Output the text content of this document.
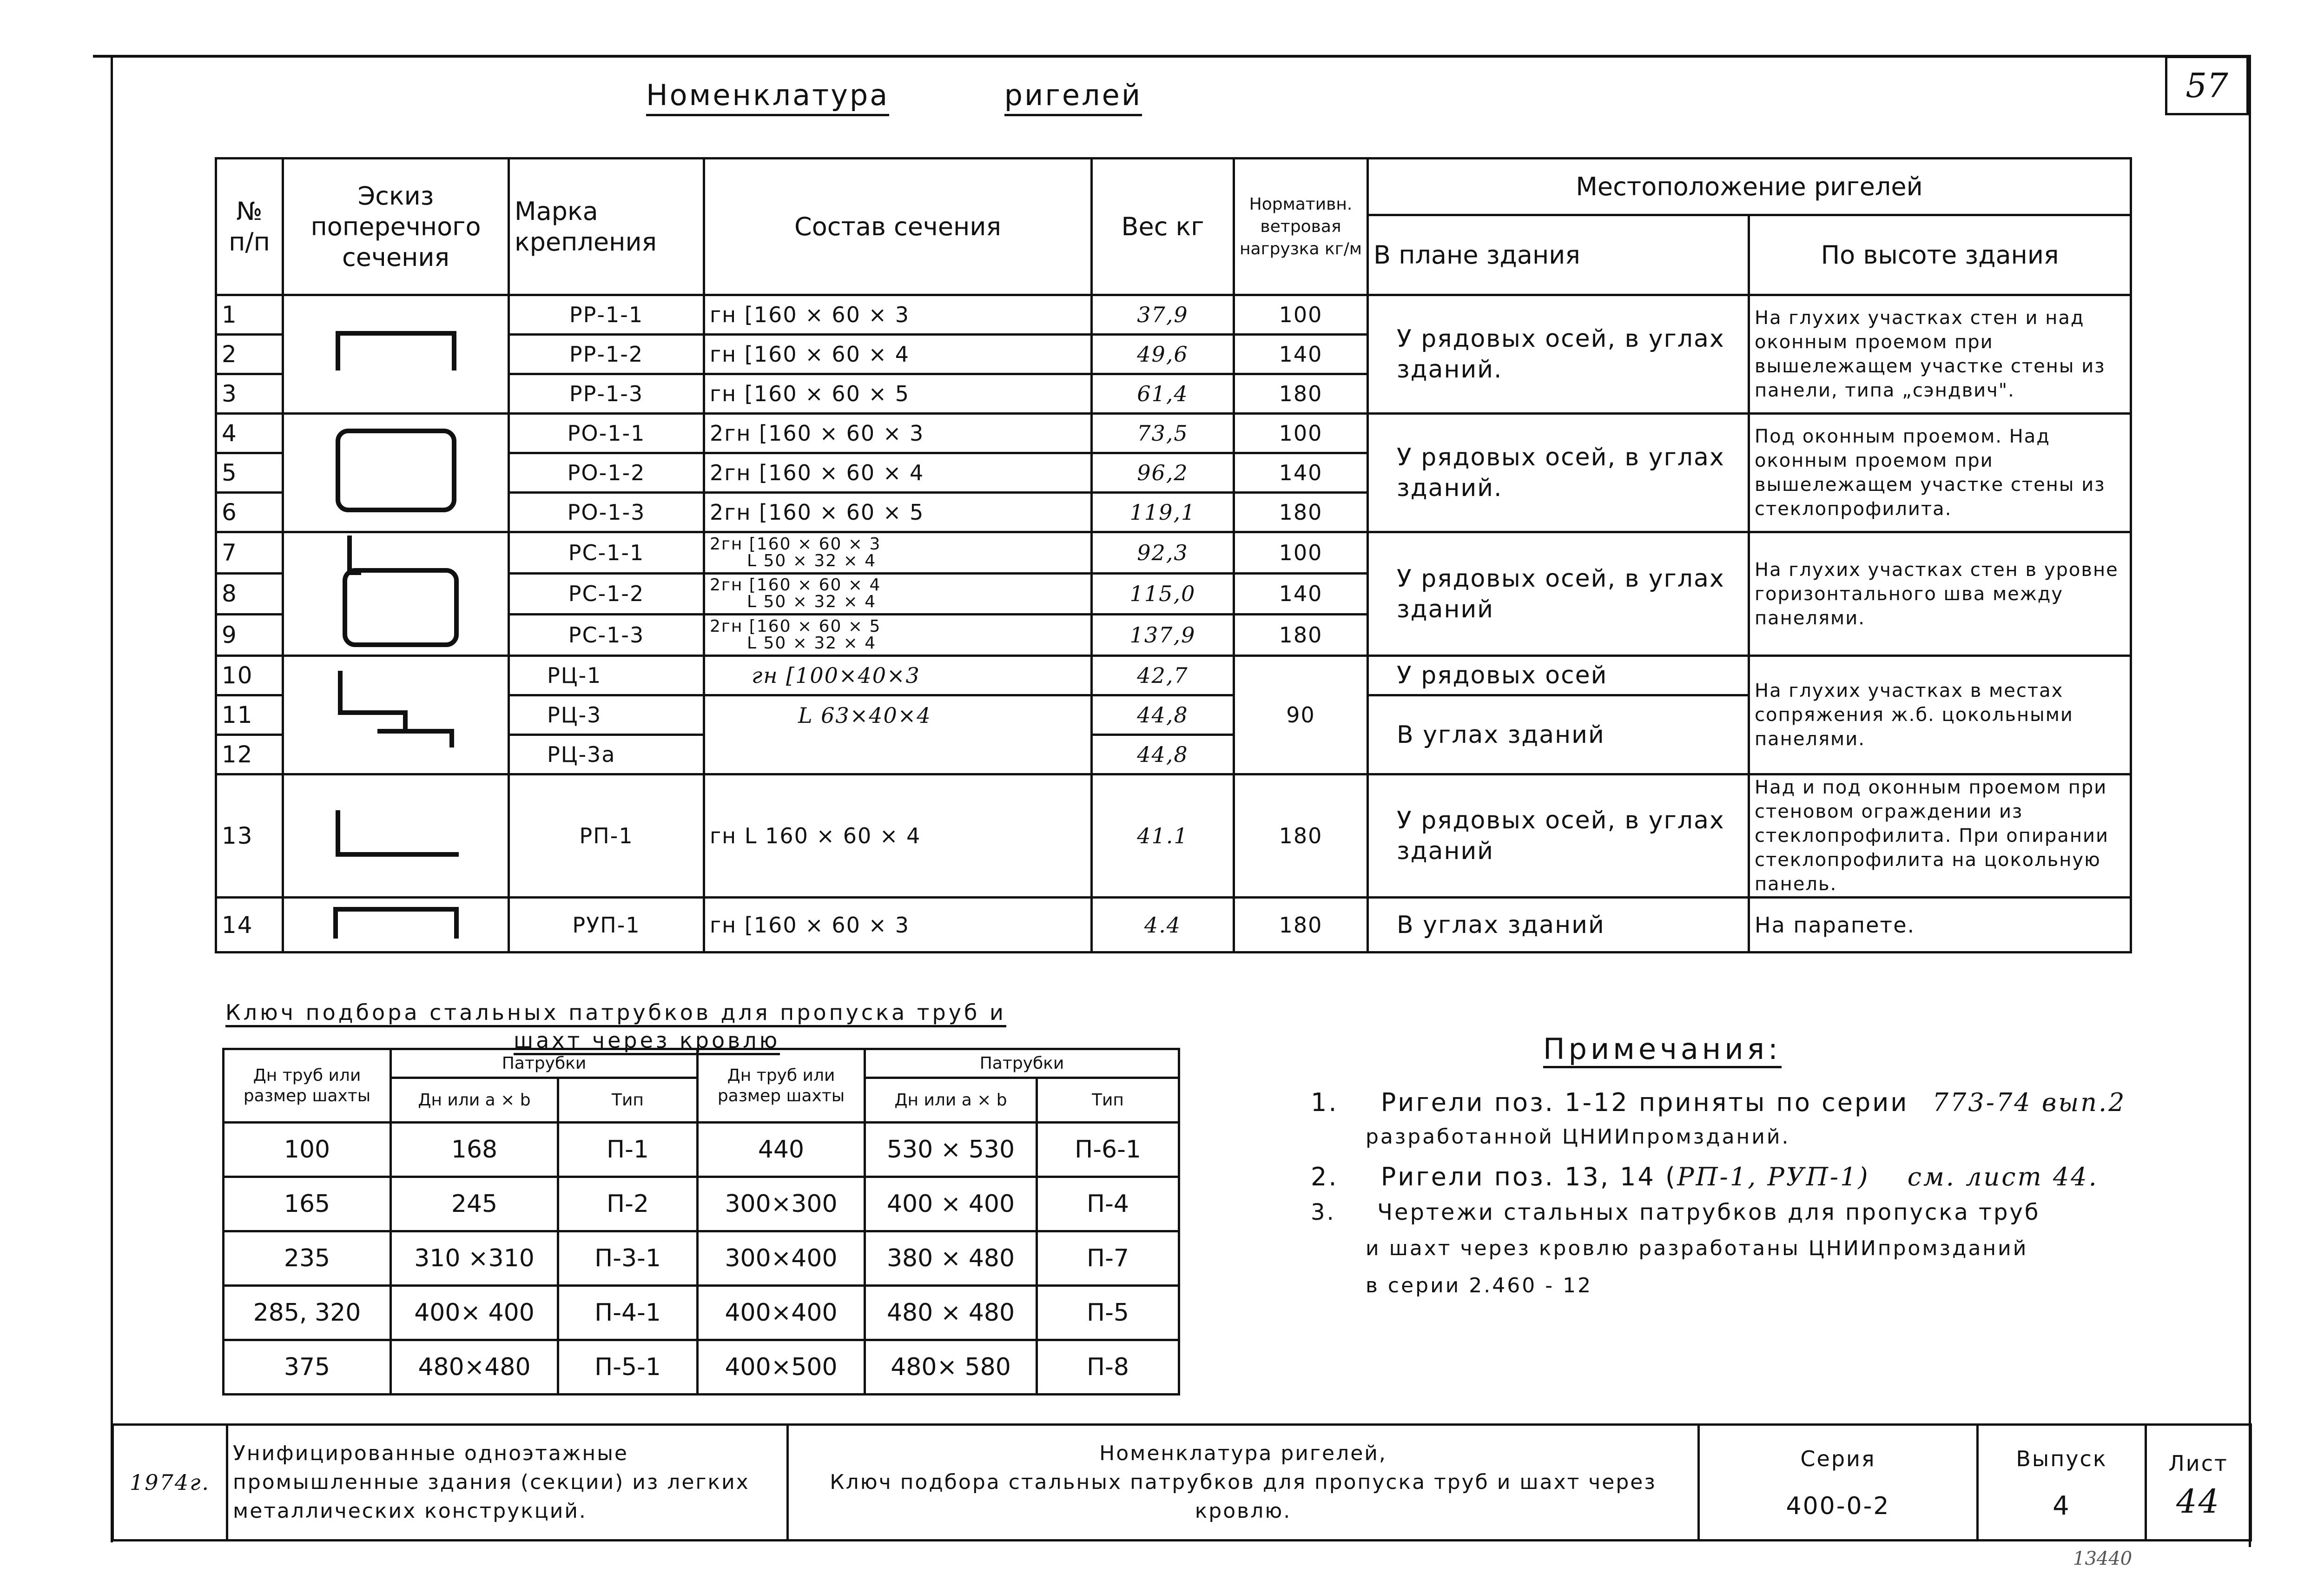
57
Номенклатура	ригелей
№ п/п	Эскиз поперечного сечения	Марка крепления	Состав сечения	Вес кг	Нормативн. ветровая нагрузка кг/м	Местоположение ригелей	
						В плане здания	По высоте здания
1		РР-1-1	гн [160 × 60 × 3	37,9	100	У рядовых осей, в углах зданий.	На глухих участках стен и над оконным проемом при вышележащем участке стены из панели, типа „сэндвич".
2		РР-1-2	гн [160 × 60 × 4	49,6	140		
3		РР-1-3	гн [160 × 60 × 5	61,4	180		
4		РО-1-1	2гн [160 × 60 × 3	73,5	100	У рядовых осей, в углах зданий.	Под оконным проемом. Над оконным проемом при вышележащем участке стены из стеклопрофилита.
5		РО-1-2	2гн [160 × 60 × 4	96,2	140		
6		РО-1-3	2гн [160 × 60 × 5	119,1	180		
7		РС-1-1	2гн [160 × 60 × 3
L 50 × 32 × 4	92,3	100	У рядовых осей, в углах зданий	На глухих участках стен в уровне горизонтального шва между панелями.
8		РС-1-2	2гн [160 × 60 × 4
L 50 × 32 × 4	115,0	140		
9		РС-1-3	2гн [160 × 60 × 5
L 50 × 32 × 4	137,9	180		
10		РЦ-1	гн [100×40×3	42,7	90	У рядовых осей	На глухих участках в местах сопряжения ж.б. цокольными панелями.
11		РЦ-3	L 63×40×4	44,8		В углах зданий	
12		РЦ-3а		44,8			
13		РП-1	гн L 160 × 60 × 4	41.1	180	У рядовых осей, в углах зданий	Над и под оконным проемом при стеновом ограждении из стеклопрофилита. При опирании стеклопрофилита на цокольную панель.
14		РУП-1	гн [160 × 60 × 3	4.4	180	В углах зданий	На парапете.
Ключ подбора стальных патрубков для пропуска труб и
шахт через кровлю
Дн труб или размер шахты	Патрубки		Дн труб или размер шахты	Патрубки	
	Дн или a × b	Тип		Дн или a × b	Тип
100	168	П-1	440	530 × 530	П-6-1
165	245	П-2	300×300	400 × 400	П-4
235	310 ×310	П-3-1	300×400	380 × 480	П-7
285, 320	400× 400	П-4-1	400×400	480 × 480	П-5
375	480×480	П-5-1	400×500	480× 580	П-8
Примечания:
1. Ригели поз. 1-12 приняты по серии 773-74 вып.2
разработанной ЦНИИпромзданий.
2. Ригели поз. 13, 14 (РП-1, РУП-1) см. лист 44.
3. Чертежи стальных патрубков для пропуска труб
и шахт через кровлю разработаны ЦНИИпромзданий
в серии 2.460 - 12
1974г.	Унифицированные одноэтажные промышленные здания (секции) из легких металлических конструкций.	Номенклатура ригелей,
Ключ подбора стальных патрубков для пропуска труб и шахт через кровлю.	
Серия
400-0-2

Выпуск
4

Лист
44
13440
